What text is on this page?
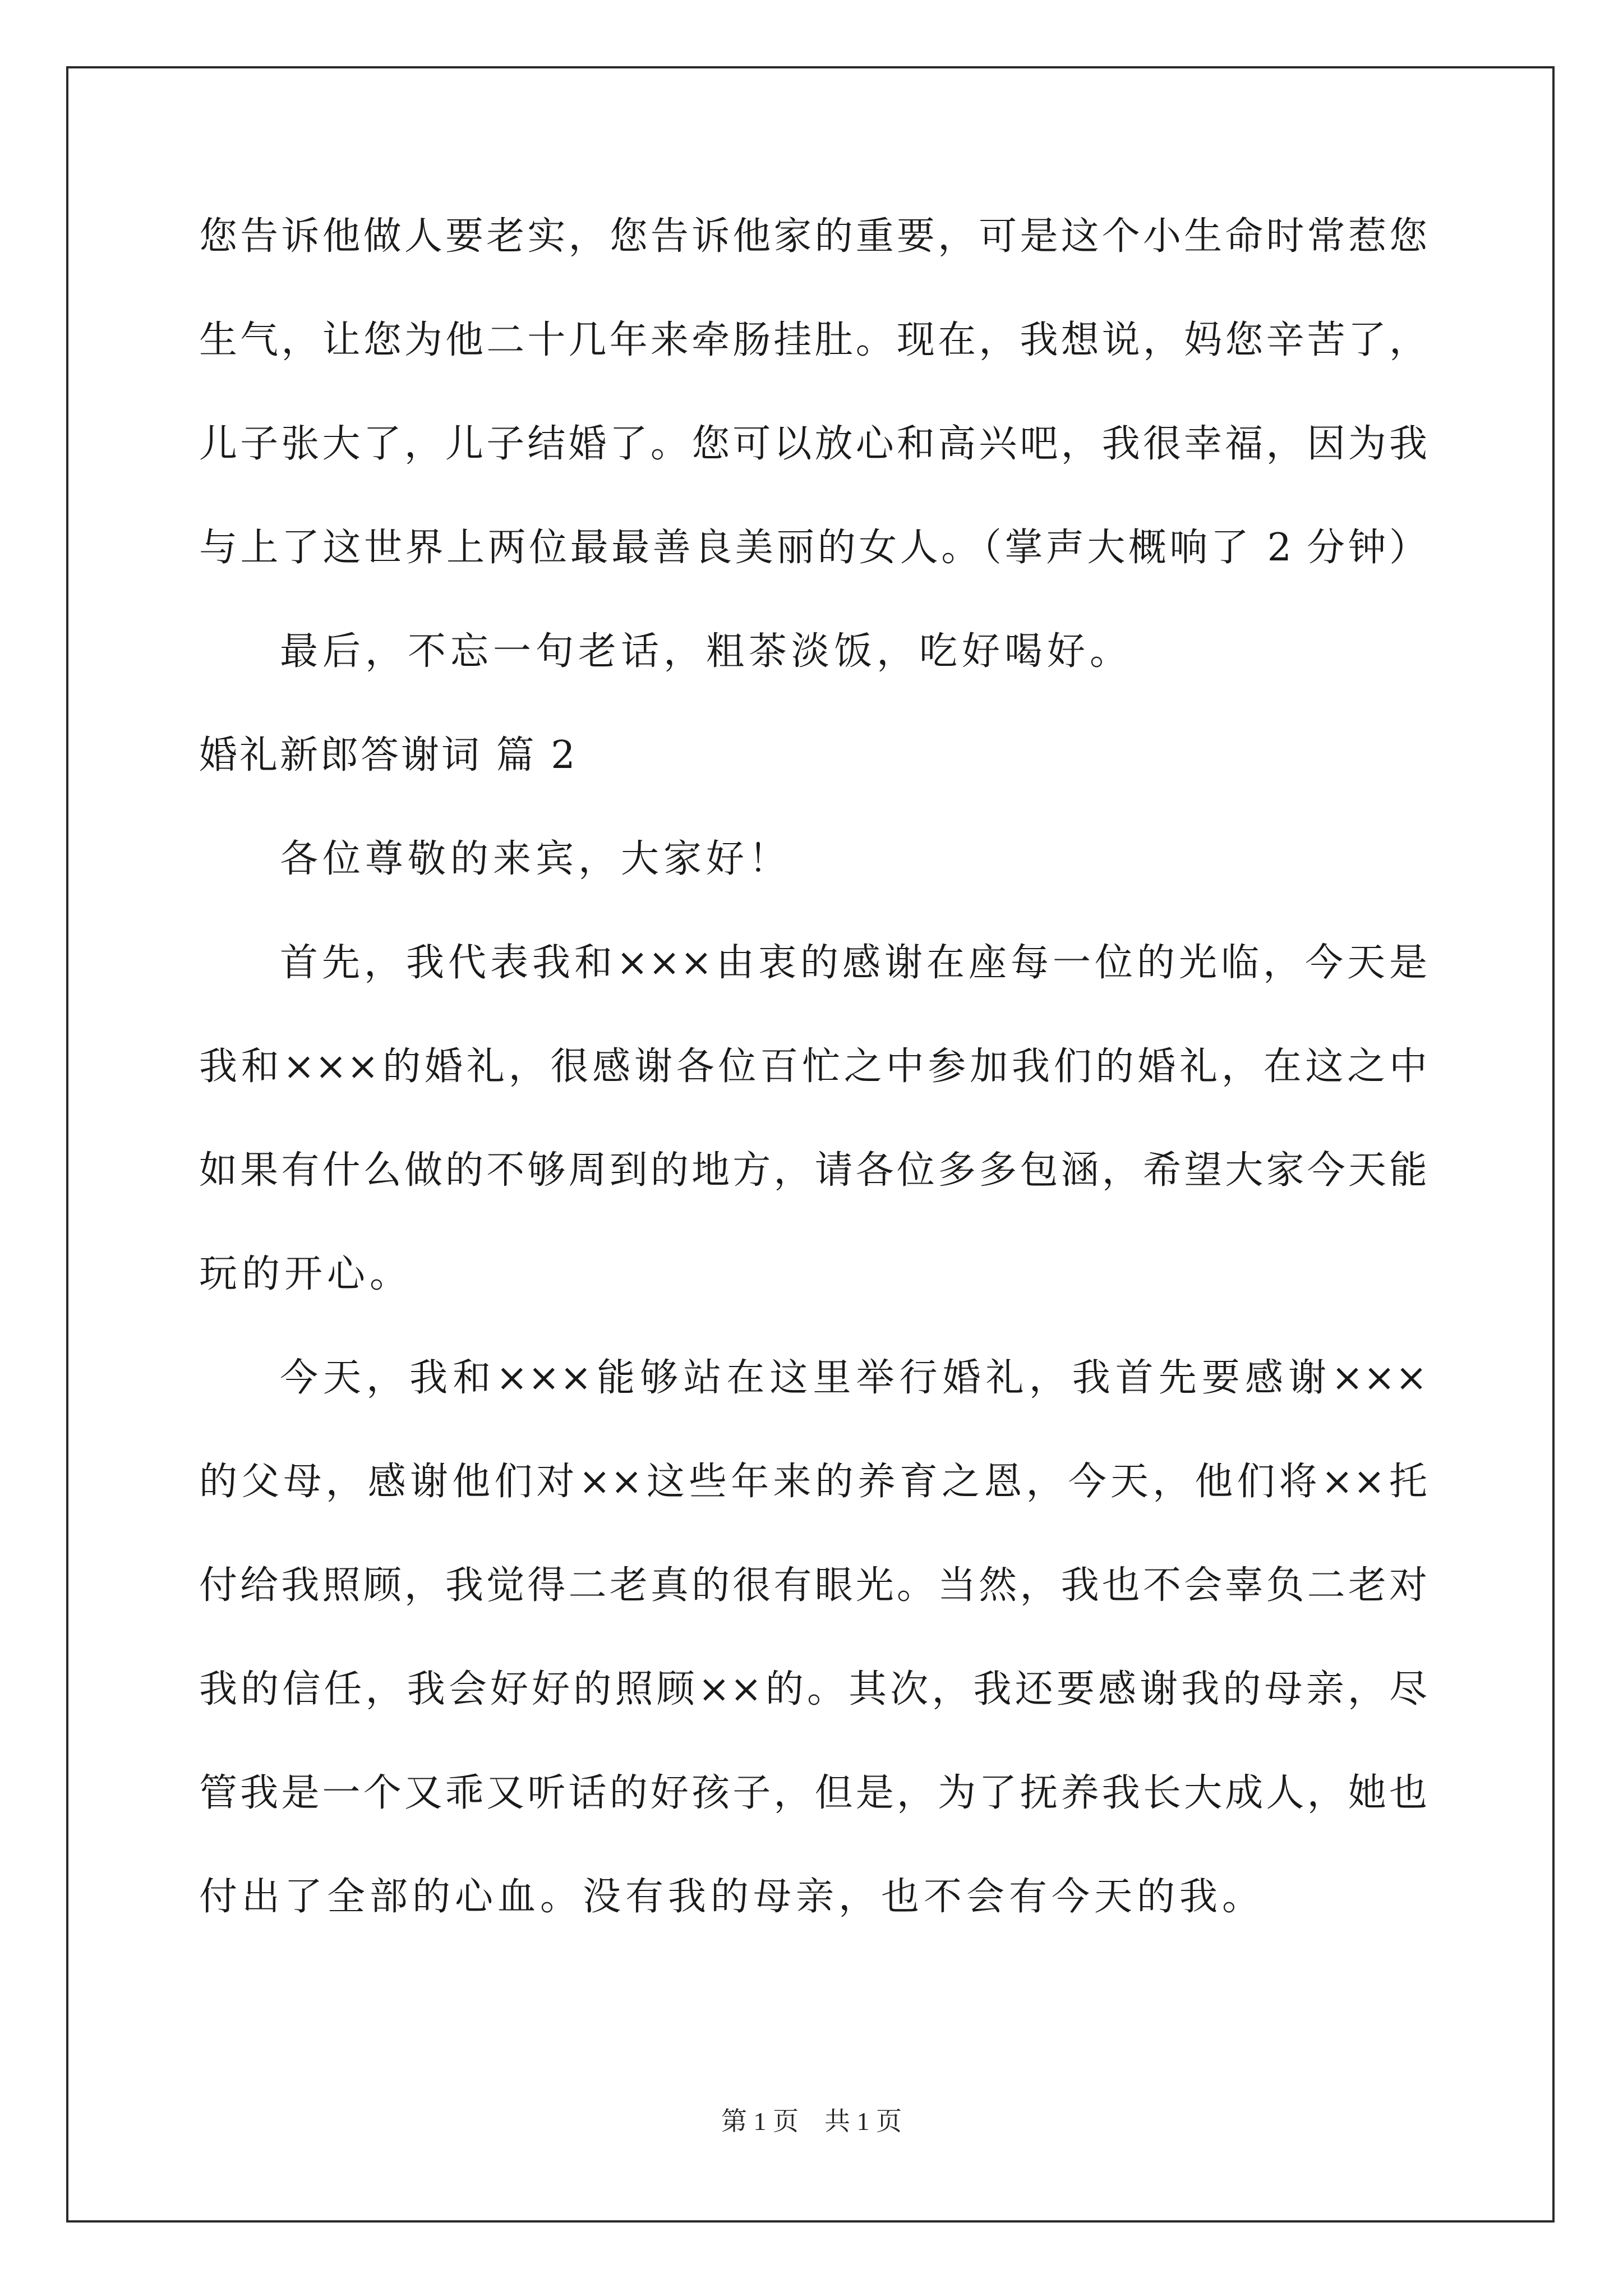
您告诉他做人要老实，您告诉他家的重要，可是这个小生命时常惹您
生气，让您为他二十几年来牵肠挂肚。现在，我想说，妈您辛苦了，
儿子张大了，儿子结婚了。您可以放心和高兴吧，我很幸福，因为我
与上了这世界上两位最最善良美丽的女人。（掌声大概响了 2 分钟）
最后，不忘一句老话，粗茶淡饭，吃好喝好。
婚礼新郎答谢词 篇 2
各位尊敬的来宾，大家好！
首先，我代表我和×××由衷的感谢在座每一位的光临，今天是
我和×××的婚礼，很感谢各位百忙之中参加我们的婚礼，在这之中
如果有什么做的不够周到的地方，请各位多多包涵，希望大家今天能
玩的开心。
今天，我和×××能够站在这里举行婚礼，我首先要感谢×××
的父母，感谢他们对××这些年来的养育之恩，今天，他们将××托
付给我照顾，我觉得二老真的很有眼光。当然，我也不会辜负二老对
我的信任，我会好好的照顾××的。其次，我还要感谢我的母亲，尽
管我是一个又乖又听话的好孩子，但是，为了抚养我长大成人，她也
付出了全部的心血。没有我的母亲，也不会有今天的我。
第 1 页　共 1 页
